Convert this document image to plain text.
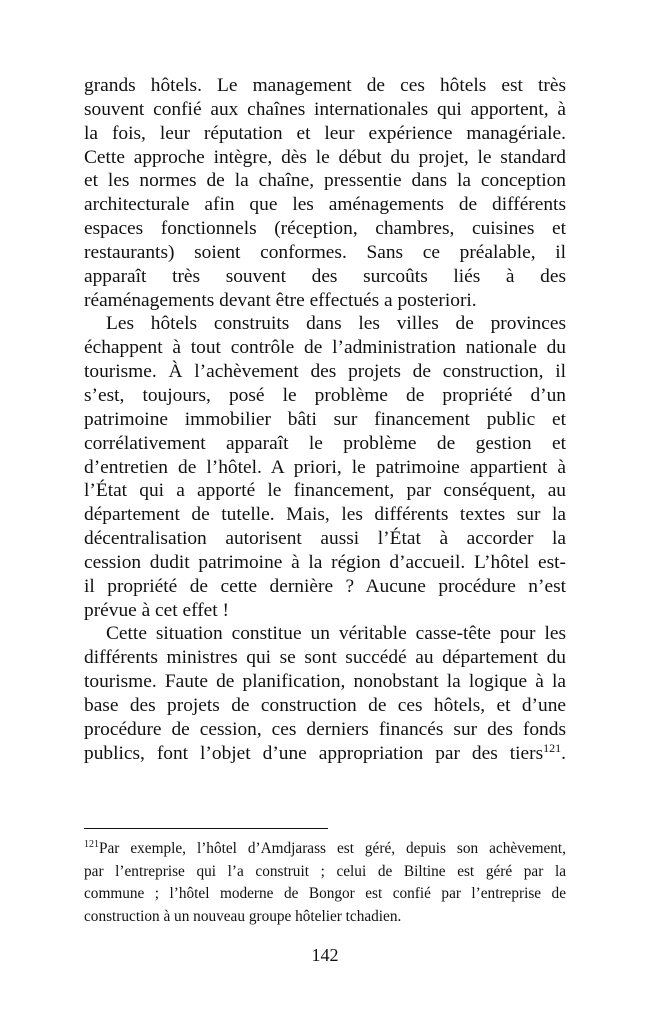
grands hôtels. Le management de ces hôtels est très
souvent confié aux chaînes internationales qui apportent, à
la fois, leur réputation et leur expérience managériale.
Cette approche intègre, dès le début du projet, le standard
et les normes de la chaîne, pressentie dans la conception
architecturale afin que les aménagements de différents
espaces fonctionnels (réception, chambres, cuisines et
restaurants) soient conformes. Sans ce préalable, il
apparaît très souvent des surcoûts liés à des
réaménagements devant être effectués a posteriori.

Les hôtels construits dans les villes de provinces
échappent à tout contrôle de l’administration nationale du
tourisme. À l’achèvement des projets de construction, il
s’est, toujours, posé le problème de propriété d’un
patrimoine immobilier bâti sur financement public et
corrélativement apparaît le problème de gestion et
d’entretien de l’hôtel. A priori, le patrimoine appartient à
l’État qui a apporté le financement, par conséquent, au
département de tutelle. Mais, les différents textes sur la
décentralisation autorisent aussi l’État à accorder la
cession dudit patrimoine à la région d’accueil. L’hôtel est-
il propriété de cette dernière ? Aucune procédure n’est
prévue à cet effet !

Cette situation constitue un véritable casse-tête pour les
différents ministres qui se sont succédé au département du
tourisme. Faute de planification, nonobstant la logique à la
base des projets de construction de ces hôtels, et d’une
procédure de cession, ces derniers financés sur des fonds
publics, font l’objet d’une appropriation par des tiers$^{121}$.

$^{121}$Par exemple, l’hôtel d’Amdjarass est géré, depuis son achèvement,
par l’entreprise qui l’a construit ; celui de Biltine est géré par la
commune ; l’hôtel moderne de Bongor est confié par l’entreprise de
construction à un nouveau groupe hôtelier tchadien.
142
